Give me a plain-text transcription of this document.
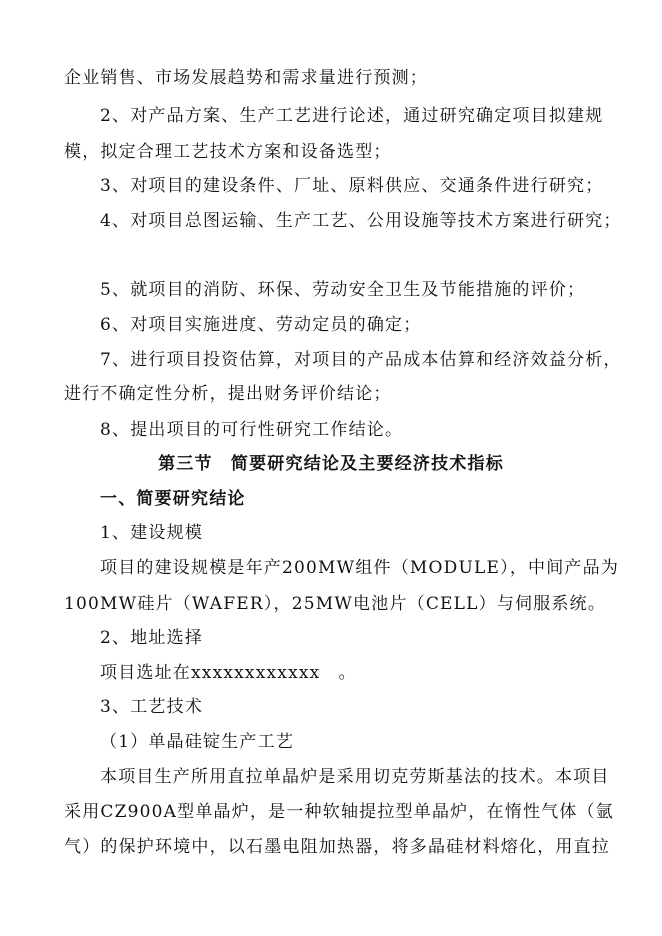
企业销售、市场发展趋势和需求量进行预测；
2、对产品方案、生产工艺进行论述，通过研究确定项目拟建规
模，拟定合理工艺技术方案和设备选型；
3、对项目的建设条件、厂址、原料供应、交通条件进行研究；
4、对项目总图运输、生产工艺、公用设施等技术方案进行研究；
5、就项目的消防、环保、劳动安全卫生及节能措施的评价；
6、对项目实施进度、劳动定员的确定；
7、进行项目投资估算，对项目的产品成本估算和经济效益分析，
进行不确定性分析，提出财务评价结论；
8、提出项目的可行性研究工作结论。
第三节　简要研究结论及主要经济技术指标
一、简要研究结论
1、建设规模
项目的建设规模是年产200MW组件（MODULE），中间产品为
100MW硅片（WAFER），25MW电池片（CELL）与伺服系统。
2、地址选择
项目选址在xxxxxxxxxxxx　。
3、工艺技术
（1）单晶硅锭生产工艺
本项目生产所用直拉单晶炉是采用切克劳斯基法的技术。本项目
采用CZ900A型单晶炉，是一种软轴提拉型单晶炉，在惰性气体（氩
气）的保护环境中，以石墨电阻加热器，将多晶硅材料熔化，用直拉
